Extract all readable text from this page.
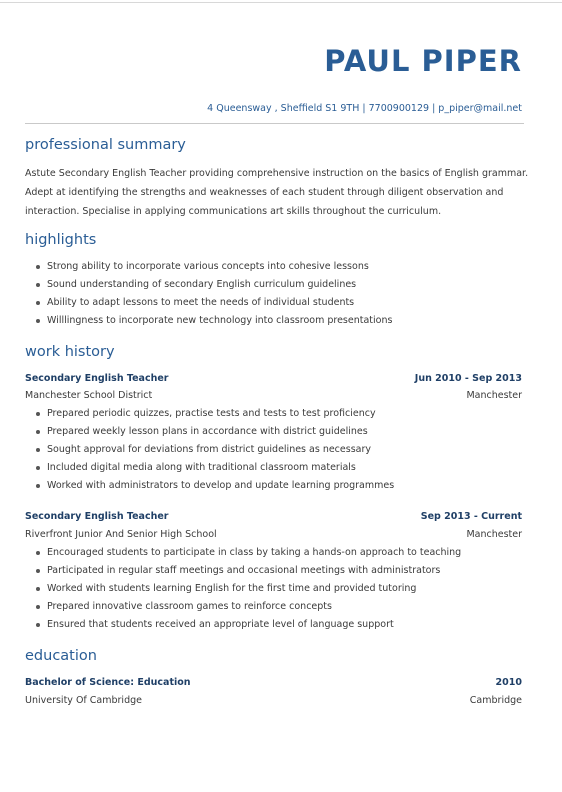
PAUL PIPER
4 Queensway , Sheffield S1 9TH | 7700900129 | p_piper@mail.net
professional summary
Astute Secondary English Teacher providing comprehensive instruction on the basics of English grammar. Adept at identifying the strengths and weaknesses of each student through diligent observation and interaction. Specialise in applying communications art skills throughout the curriculum.
highlights
Strong ability to incorporate various concepts into cohesive lessons
Sound understanding of secondary English curriculum guidelines
Ability to adapt lessons to meet the needs of individual students
Willlingness to incorporate new technology into classroom presentations
work history
Secondary English Teacher	Jun 2010 - Sep 2013
Manchester School District	Manchester
Prepared periodic quizzes, practise tests and tests to test proficiency
Prepared weekly lesson plans in accordance with district guidelines
Sought approval for deviations from district guidelines as necessary
Included digital media along with traditional classroom materials
Worked with administrators to develop and update learning programmes
Secondary English Teacher	Sep 2013 - Current
Riverfront Junior And Senior High School	Manchester
Encouraged students to participate in class by taking a hands-on approach to teaching
Participated in regular staff meetings and occasional meetings with administrators
Worked with students learning English for the first time and provided tutoring
Prepared innovative classroom games to reinforce concepts
Ensured that students received an appropriate level of language support
education
Bachelor of Science: Education	2010
University Of Cambridge	Cambridge
